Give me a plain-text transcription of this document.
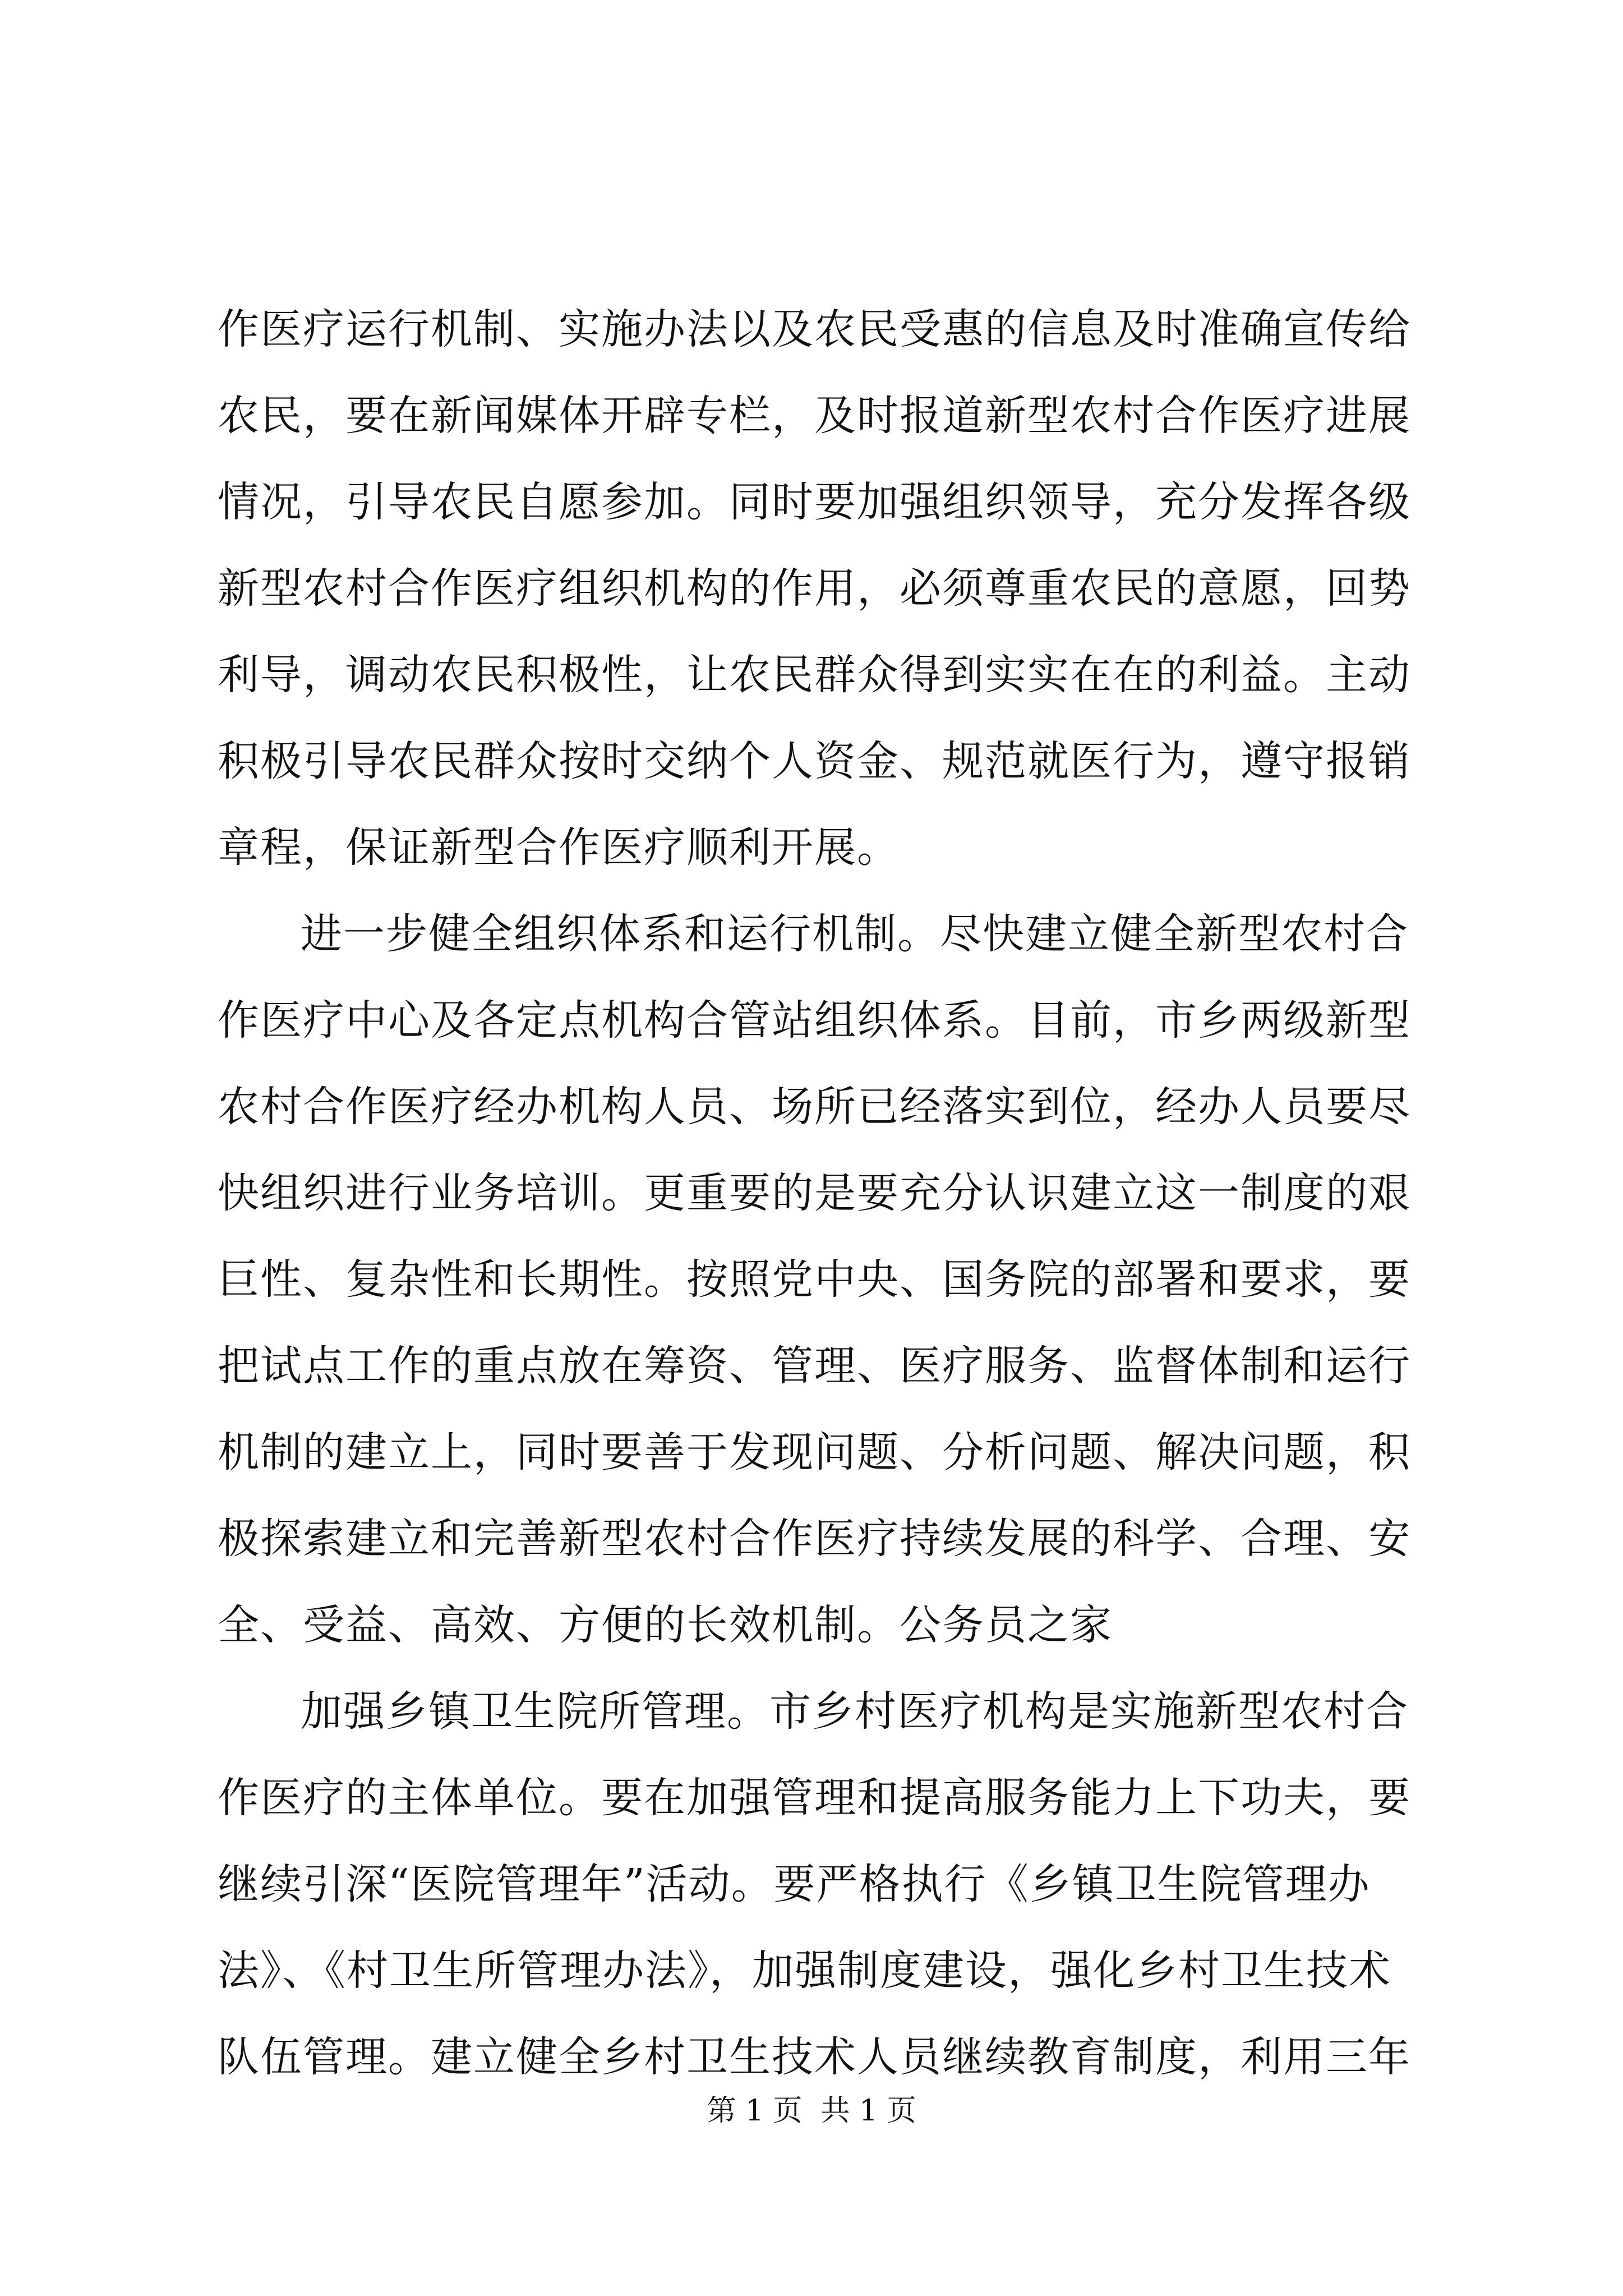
作医疗运行机制、实施办法以及农民受惠的信息及时准确宣传给
农民，要在新闻媒体开辟专栏，及时报道新型农村合作医疗进展
情况，引导农民自愿参加。同时要加强组织领导，充分发挥各级
新型农村合作医疗组织机构的作用，必须尊重农民的意愿，回势
利导，调动农民积极性，让农民群众得到实实在在的利益。主动
积极引导农民群众按时交纳个人资金、规范就医行为，遵守报销
章程，保证新型合作医疗顺利开展。
进一步健全组织体系和运行机制。尽快建立健全新型农村合
作医疗中心及各定点机构合管站组织体系。目前，市乡两级新型
农村合作医疗经办机构人员、场所已经落实到位，经办人员要尽
快组织进行业务培训。更重要的是要充分认识建立这一制度的艰
巨性、复杂性和长期性。按照党中央、国务院的部署和要求，要
把试点工作的重点放在筹资、管理、医疗服务、监督体制和运行
机制的建立上，同时要善于发现问题、分析问题、解决问题，积
极探索建立和完善新型农村合作医疗持续发展的科学、合理、安
全、受益、高效、方便的长效机制。公务员之家
加强乡镇卫生院所管理。市乡村医疗机构是实施新型农村合
作医疗的主体单位。要在加强管理和提高服务能力上下功夫，要
继续引深“医院管理年”活动。要严格执行《乡镇卫生院管理办
法》、《村卫生所管理办法》，加强制度建设，强化乡村卫生技术
队伍管理。建立健全乡村卫生技术人员继续教育制度，利用三年
第 1 页  共 1 页
